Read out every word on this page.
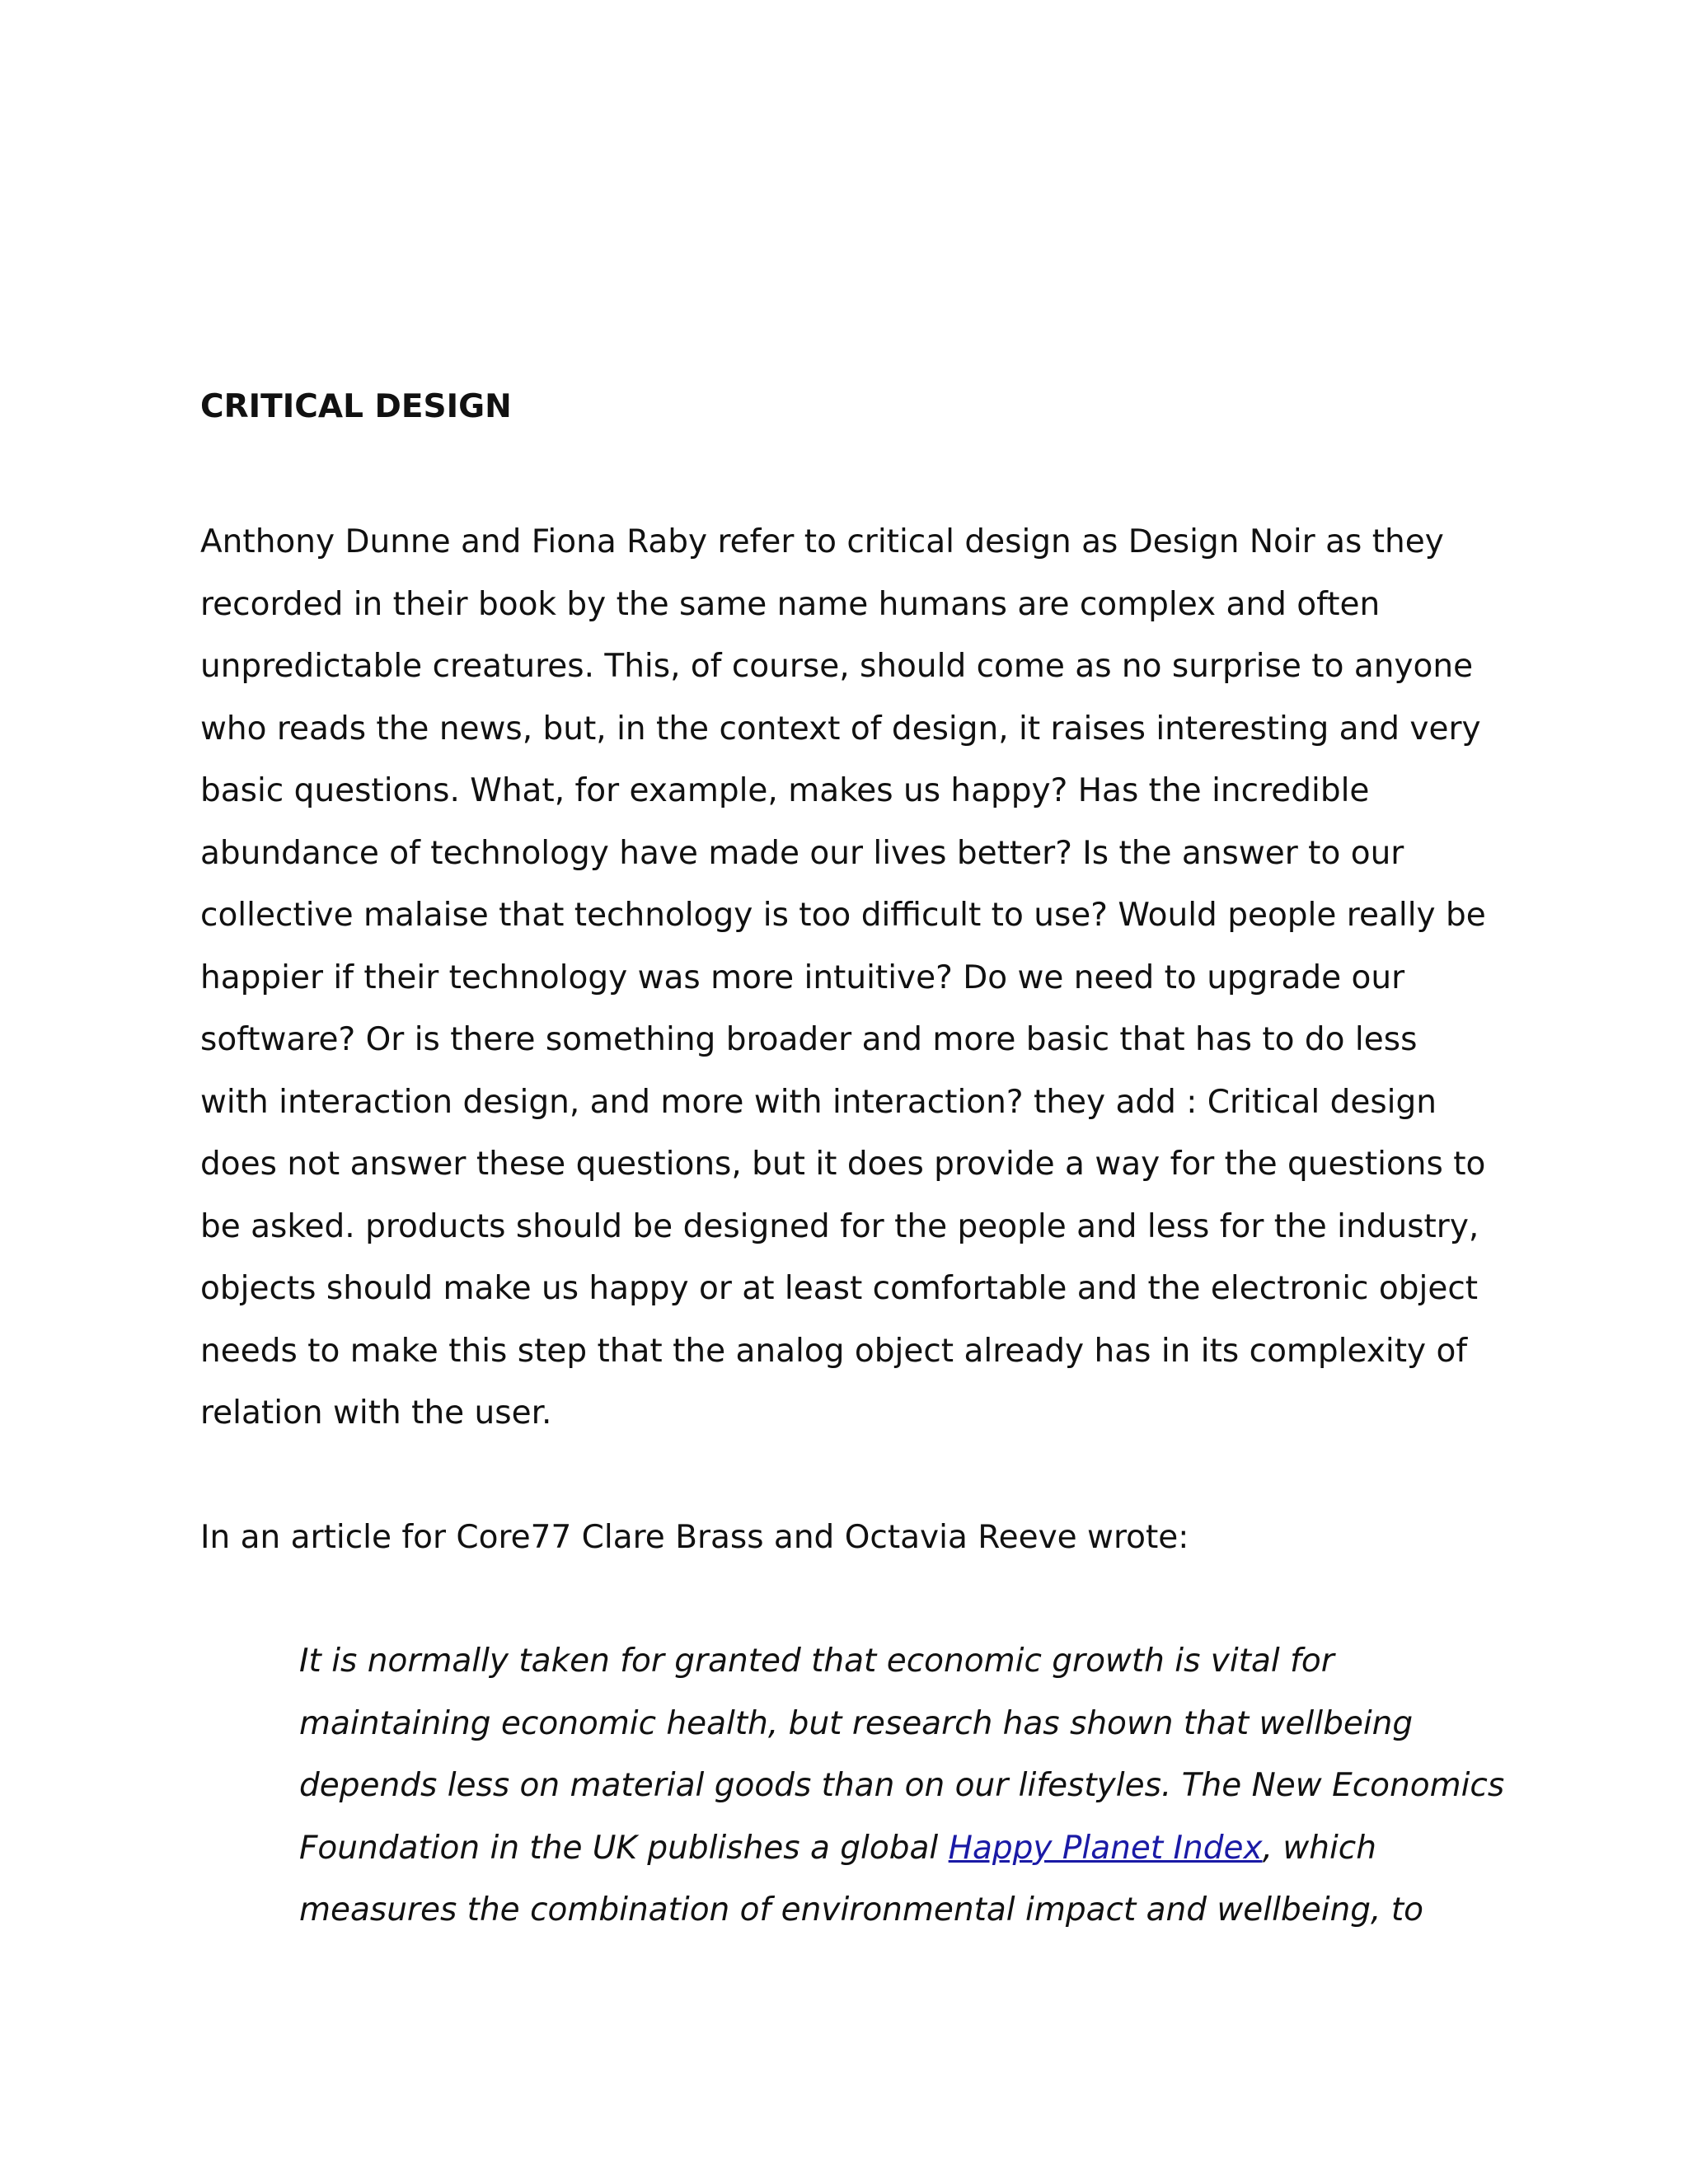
CRITICAL DESIGN
Anthony Dunne and Fiona Raby refer to critical design as Design Noir as they
recorded in their book by the same name humans are complex and often
unpredictable creatures. This, of course, should come as no surprise to anyone
who reads the news, but, in the context of design, it raises interesting and very
basic questions. What, for example, makes us happy? Has the incredible
abundance of technology have made our lives better? Is the answer to our
collective malaise that technology is too difficult to use? Would people really be
happier if their technology was more intuitive? Do we need to upgrade our
software? Or is there something broader and more basic that has to do less
with interaction design, and more with interaction? they add : Critical design
does not answer these questions, but it does provide a way for the questions to
be asked. products should be designed for the people and less for the industry,
objects should make us happy or at least comfortable and the electronic object
needs to make this step that the analog object already has in its complexity of
relation with the user.

In an article for Core77 Clare Brass and Octavia Reeve wrote:

It is normally taken for granted that economic growth is vital for
maintaining economic health, but research has shown that wellbeing
depends less on material goods than on our lifestyles. The New Economics
Foundation in the UK publishes a global Happy Planet Index, which
measures the combination of environmental impact and wellbeing, to
